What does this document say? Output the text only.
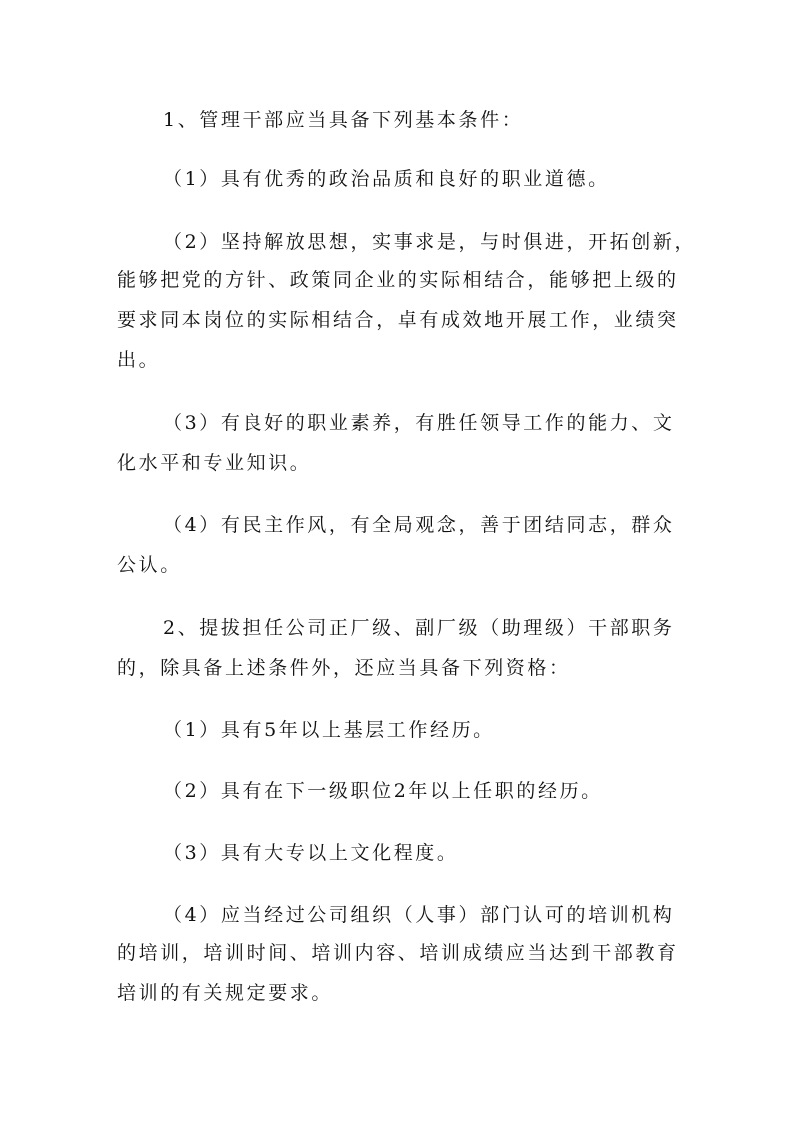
1、管理干部应当具备下列基本条件：
（1）具有优秀的政治品质和良好的职业道德。
（2）坚持解放思想，实事求是，与时俱进，开拓创新，
能够把党的方针、政策同企业的实际相结合，能够把上级的
要求同本岗位的实际相结合，卓有成效地开展工作，业绩突
出。
（3）有良好的职业素养，有胜任领导工作的能力、文
化水平和专业知识。
（4）有民主作风，有全局观念，善于团结同志，群众
公认。
2、提拔担任公司正厂级、副厂级（助理级）干部职务
的，除具备上述条件外，还应当具备下列资格：
（1）具有5年以上基层工作经历。
（2）具有在下一级职位2年以上任职的经历。
（3）具有大专以上文化程度。
（4）应当经过公司组织（人事）部门认可的培训机构
的培训，培训时间、培训内容、培训成绩应当达到干部教育
培训的有关规定要求。
